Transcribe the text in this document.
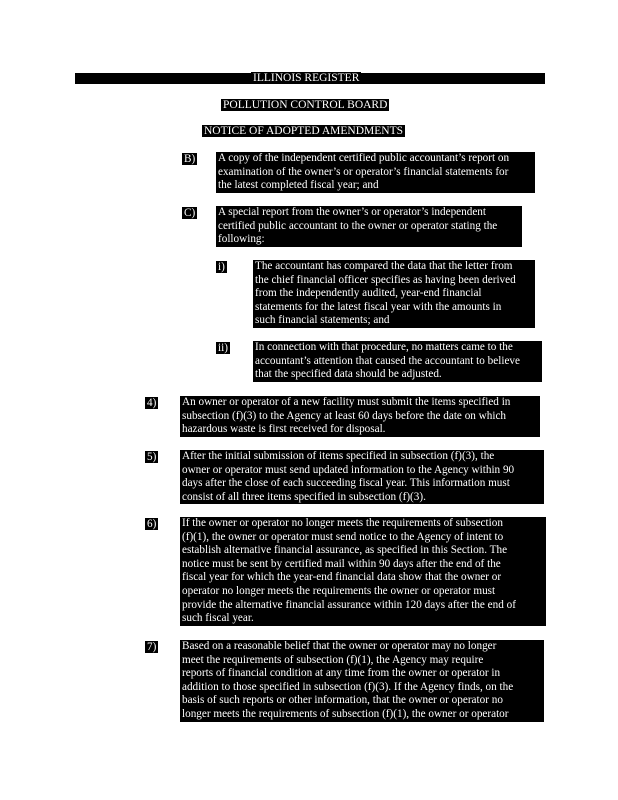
ILLINOIS REGISTER
POLLUTION CONTROL BOARD
NOTICE OF ADOPTED AMENDMENTS
B) A copy of the independent certified public accountant’s report on
examination of the owner’s or operator’s financial statements for
the latest completed fiscal year; and
C) A special report from the owner’s or operator’s independent
certified public accountant to the owner or operator stating the
following:
i)	The accountant has compared the data that the letter from
the chief financial officer specifies as having been derived
from the independently audited, year-end financial
statements for the latest fiscal year with the amounts in
such financial statements; and
ii) In connection with that procedure, no matters came to the
accountant’s attention that caused the accountant to believe
that the specified data should be adjusted.
4) An owner or operator of a new facility must submit the items specified in
subsection (f)(3) to the Agency at least 60 days before the date on which
hazardous waste is first received for disposal.
5) After the initial submission of items specified in subsection (f)(3), the
owner or operator must send updated information to the Agency within 90
days after the close of each succeeding fiscal year. This information must
consist of all three items specified in subsection (f)(3).
6) If the owner or operator no longer meets the requirements of subsection
(f)(1), the owner or operator must send notice to the Agency of intent to
establish alternative financial assurance, as specified in this Section. The
notice must be sent by certified mail within 90 days after the end of the
fiscal year for which the year-end financial data show that the owner or
operator no longer meets the requirements the owner or operator must
provide the alternative financial assurance within 120 days after the end of
such fiscal year.
7) Based on a reasonable belief that the owner or operator may no longer
meet the requirements of subsection (f)(1), the Agency may require
reports of financial condition at any time from the owner or operator in
addition to those specified in subsection (f)(3). If the Agency finds, on the
basis of such reports or other information, that the owner or operator no
longer meets the requirements of subsection (f)(1), the owner or operator
